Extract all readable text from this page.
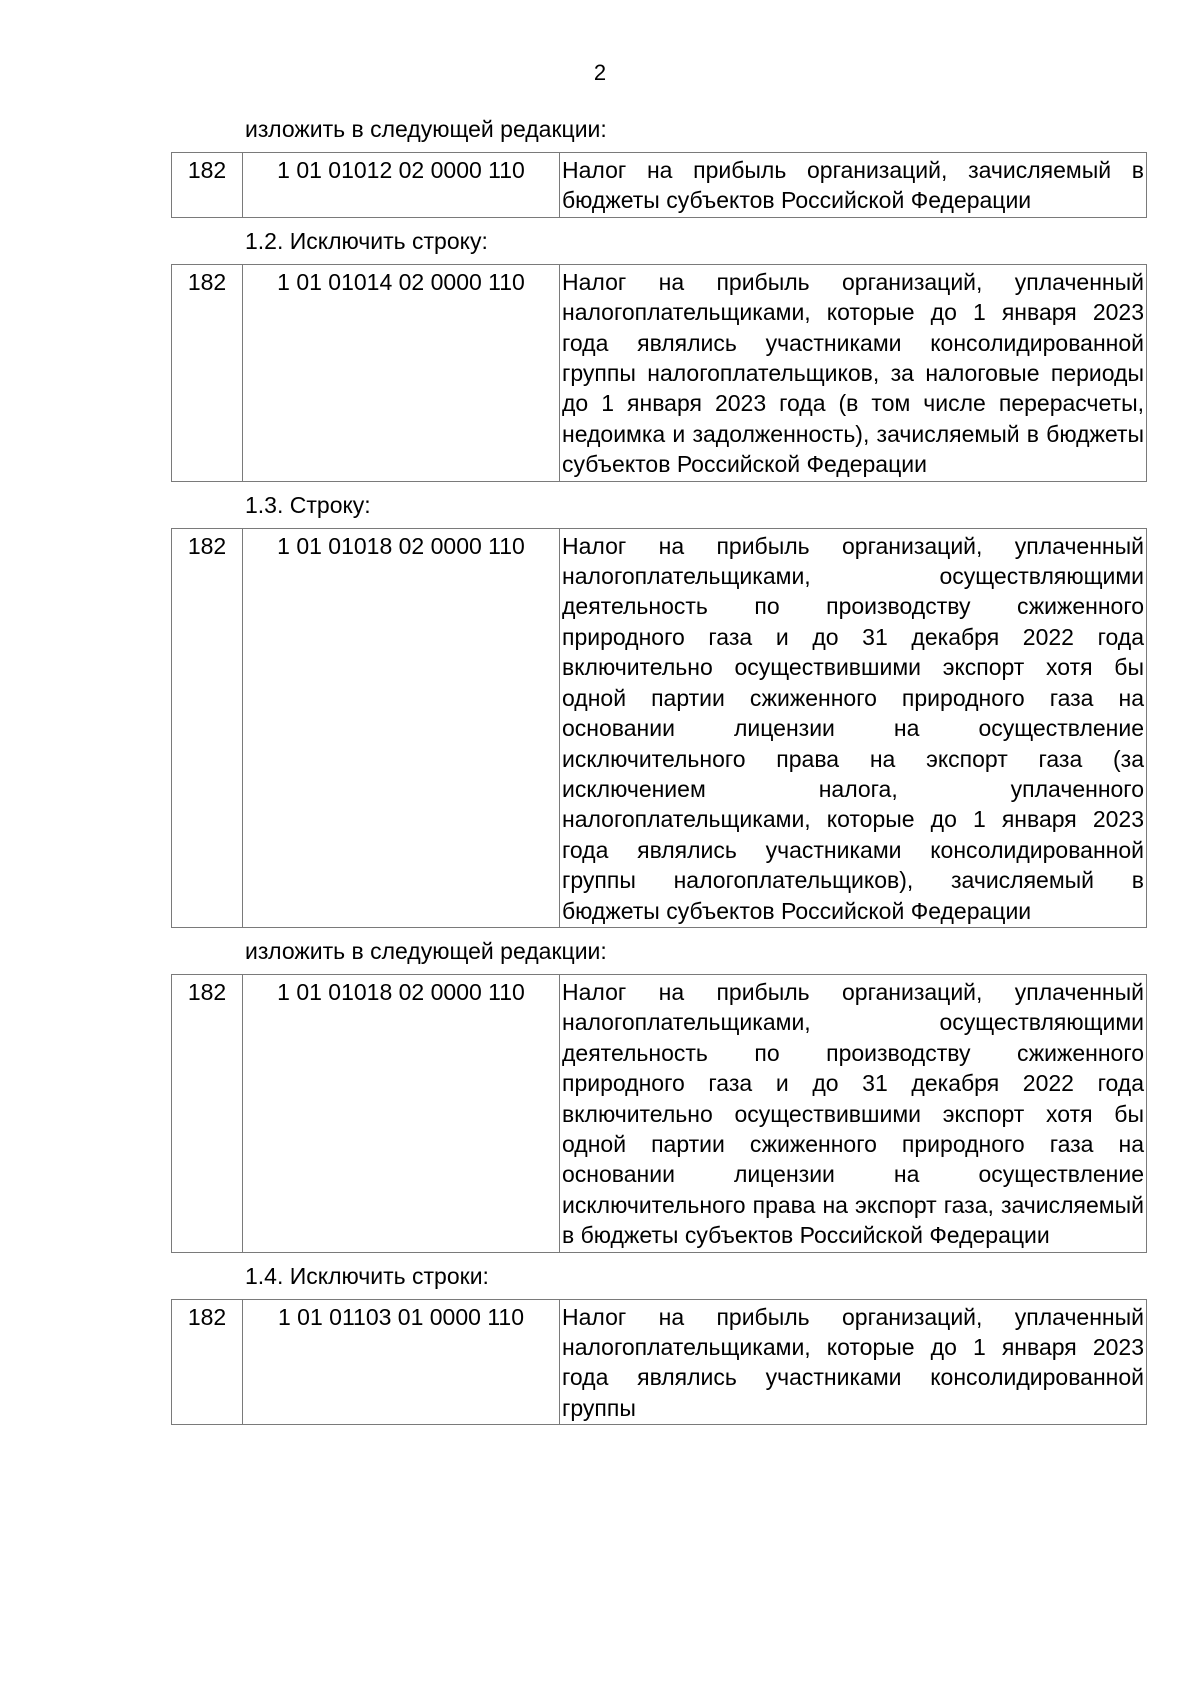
2

изложить в следующей редакции:

182	1 01 01012 02 0000 110	Налог на прибыль организаций, зачисляемый в бюджеты субъектов Российской Федерации

1.2. Исключить строку:

182	1 01 01014 02 0000 110	Налог на прибыль организаций, уплаченный налогоплательщиками, которые до 1 января 2023 года являлись участниками консолидированной группы налогоплательщиков, за налоговые периоды до 1 января 2023 года (в том числе перерасчеты, недоимка и задолженность), зачисляемый в бюджеты субъектов Российской Федерации

1.3. Строку:

182	1 01 01018 02 0000 110	Налог на прибыль организаций, уплаченный налогоплательщиками, осуществляющими деятельность по производству сжиженного природного газа и до 31 декабря 2022 года включительно осуществившими экспорт хотя бы одной партии сжиженного природного газа на основании лицензии на осуществление исключительного права на экспорт газа (за исключением налога, уплаченного налогоплательщиками, которые до 1 января 2023 года являлись участниками консолидированной группы налогоплательщиков), зачисляемый в бюджеты субъектов Российской Федерации

изложить в следующей редакции:

182	1 01 01018 02 0000 110	Налог на прибыль организаций, уплаченный налогоплательщиками, осуществляющими деятельность по производству сжиженного природного газа и до 31 декабря 2022 года включительно осуществившими экспорт хотя бы одной партии сжиженного природного газа на основании лицензии на осуществление исключительного права на экспорт газа, зачисляемый в бюджеты субъектов Российской Федерации

1.4. Исключить строки:

182	1 01 01103 01 0000 110	Налог на прибыль организаций, уплаченный налогоплательщиками, которые до 1 января 2023 года являлись участниками консолидированной группы
